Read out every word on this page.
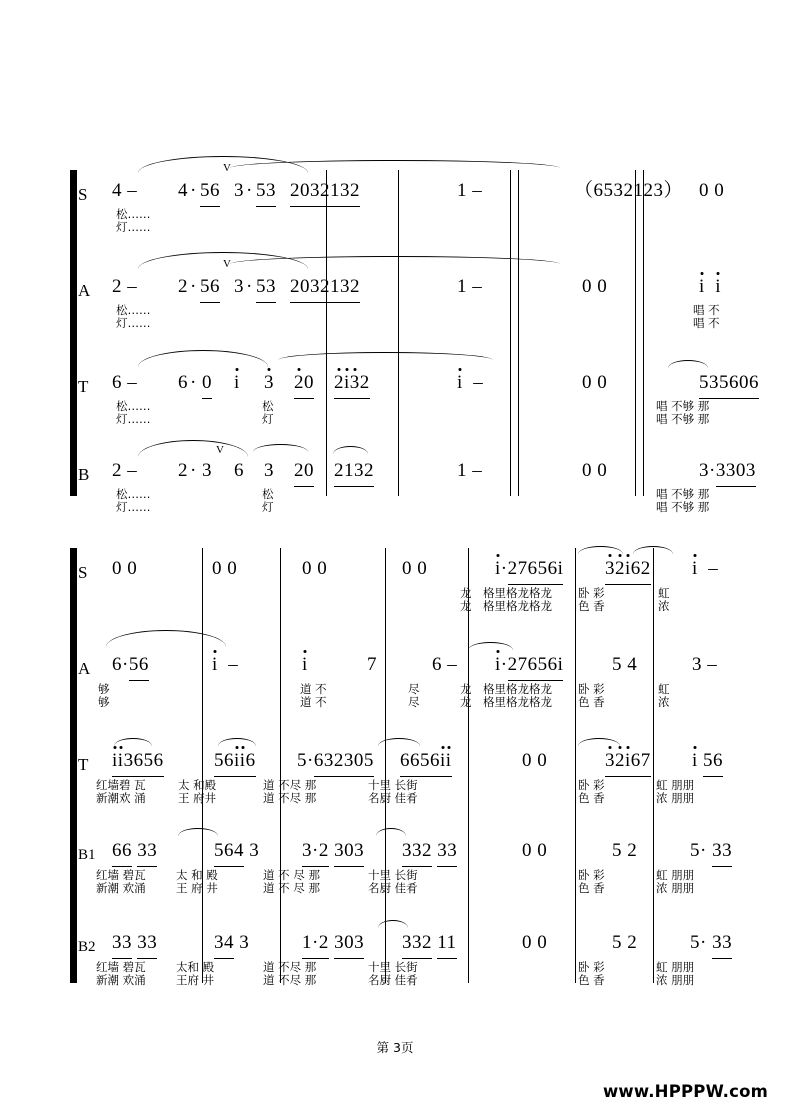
S	4 – 4 · 56 3 · 53 2032132	1 –	（6532123） 0 0
松……
灯……
V
A	2 – 2 · 56 3 · 53 2032132	1 –	0 0	i i
松……
灯……
唱 不
唱 不
V
T	6 – 6 · 0 i 3 20 2i32	i  –	0 0	535606
松……
灯……
松
灯
唱 不够 那
唱 不够 那
B	2 – 2 · 3 6 3 20 2132	1 –	0 0	3·3303
松……
灯……
松
灯
唱 不够 那
唱 不够 那
V
S	0 0	0 0	0 0	0 0	i·27656i 32i62 i  –
龙
龙
格里格龙格龙
格里格龙格龙
卧 彩
色 香
虹
浓
A	6·56	i  –	i	7	6 – i·27656i	5 4	3 –
够
够
道 不
道 不
尽
尽
龙
龙
格里格龙格龙
格里格龙格龙
卧 彩
色 香
虹
浓
T	ii3656	56ii6 5·632305 6656ii	0 0	32i67 i 56
红墙碧 瓦
新潮欢 涌
太 和殿
王 府井
道 不尽 那
道 不尽 那
十里 长街
名厨 佳肴
卧 彩
色 香
虹 朋朋
浓 朋朋
B1 66 33	564 3 3·2 303 332 33	0 0	5 2	5· 33
红墙 碧瓦
新潮 欢涌
太 和 殿
王 府 井
道 不 尽 那
道 不 尽 那
十里 长街
名厨 佳肴
卧 彩
色 香
虹 朋朋
浓 朋朋
B2 33 33	34 3	1·2 303 332 11	0 0	5 2	5· 33
红墙 碧瓦
新潮 欢涌
太和 殿
王府 井
道 不尽 那
道 不尽 那
十里 长街
名厨 佳肴
卧 彩
色 香
虹 朋朋
浓 朋朋
第 3页
www.HPPPW.com
